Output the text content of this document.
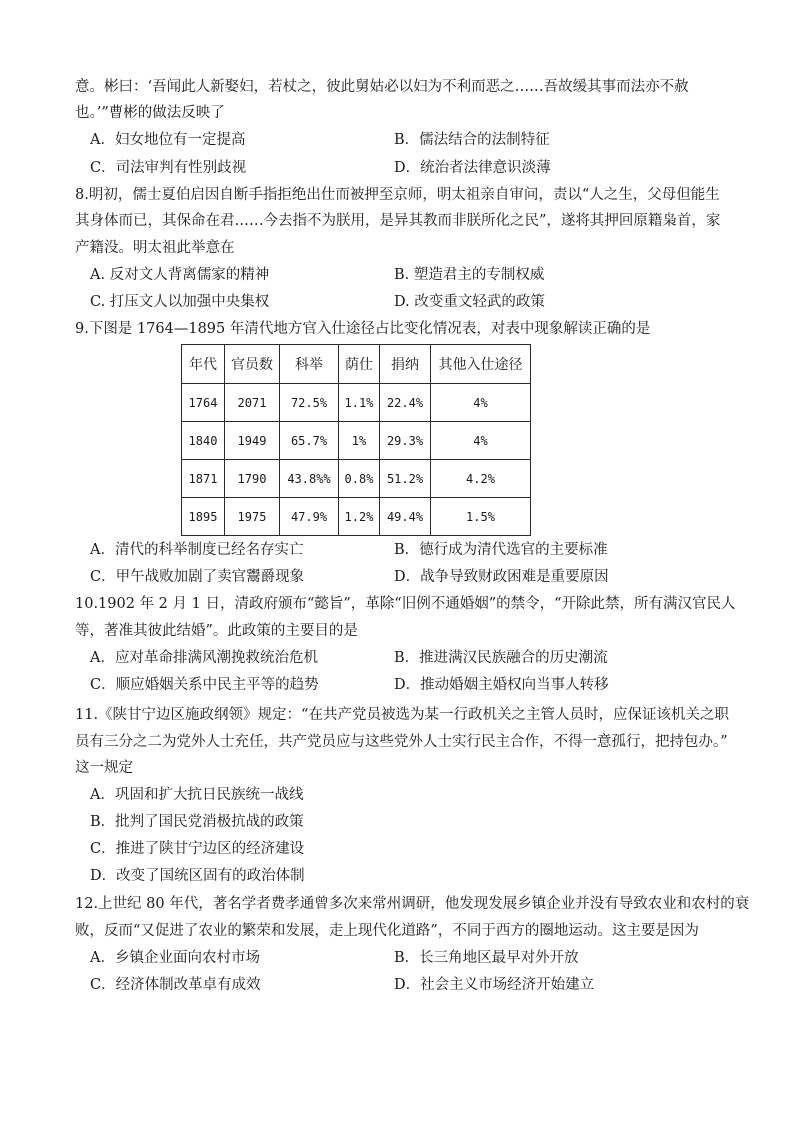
意。彬曰：‘吾闻此人新娶妇，若杖之，彼此舅姑必以妇为不利而恶之……吾故缓其事而法亦不赦
也。’”曹彬的做法反映了
A．妇女地位有一定提高	B．儒法结合的法制特征
C．司法审判有性别歧视	D．统治者法律意识淡薄
8.明初，儒士夏伯启因自断手指拒绝出仕而被押至京师，明太祖亲自审问，责以“人之生，父母但能生
其身体而已，其保命在君……今去指不为朕用，是异其教而非朕所化之民”，遂将其押回原籍枭首，家
产籍没。明太祖此举意在
A. 反对文人背离儒家的精神	B. 塑造君主的专制权威
C. 打压文人以加强中央集权	D. 改变重文轻武的政策
9.下图是 1764—1895 年清代地方官入仕途径占比变化情况表，对表中现象解读正确的是
年代	官员数	科举	荫仕	捐纳	其他入仕途径
1764	2071	72.5%	1.1%	22.4%	4%
1840	1949	65.7%	1%	29.3%	4%
1871	1790	43.8%%	0.8%	51.2%	4.2%
1895	1975	47.9%	1.2%	49.4%	1.5%
A．清代的科举制度已经名存实亡	B．德行成为清代选官的主要标准
C．甲午战败加剧了卖官鬻爵现象	D．战争导致财政困难是重要原因
10.1902 年 2 月 1 日，清政府颁布“懿旨”，革除“旧例不通婚姻”的禁令，“开除此禁，所有满汉官民人
等，著准其彼此结婚”。此政策的主要目的是
A．应对革命排满风潮挽救统治危机	B．推进满汉民族融合的历史潮流
C．顺应婚姻关系中民主平等的趋势	D．推动婚姻主婚权向当事人转移
11.《陕甘宁边区施政纲领》规定：“在共产党员被选为某一行政机关之主管人员时，应保证该机关之职
员有三分之二为党外人士充任，共产党员应与这些党外人士实行民主合作，不得一意孤行，把持包办。”
这一规定
A．巩固和扩大抗日民族统一战线
B．批判了国民党消极抗战的政策
C．推进了陕甘宁边区的经济建设
D．改变了国统区固有的政治体制
12.上世纪 80 年代，著名学者费孝通曾多次来常州调研，他发现发展乡镇企业并没有导致农业和农村的衰
败，反而“又促进了农业的繁荣和发展，走上现代化道路”，不同于西方的圈地运动。这主要是因为
A．乡镇企业面向农村市场	B．长三角地区最早对外开放
C．经济体制改革卓有成效	D．社会主义市场经济开始建立
